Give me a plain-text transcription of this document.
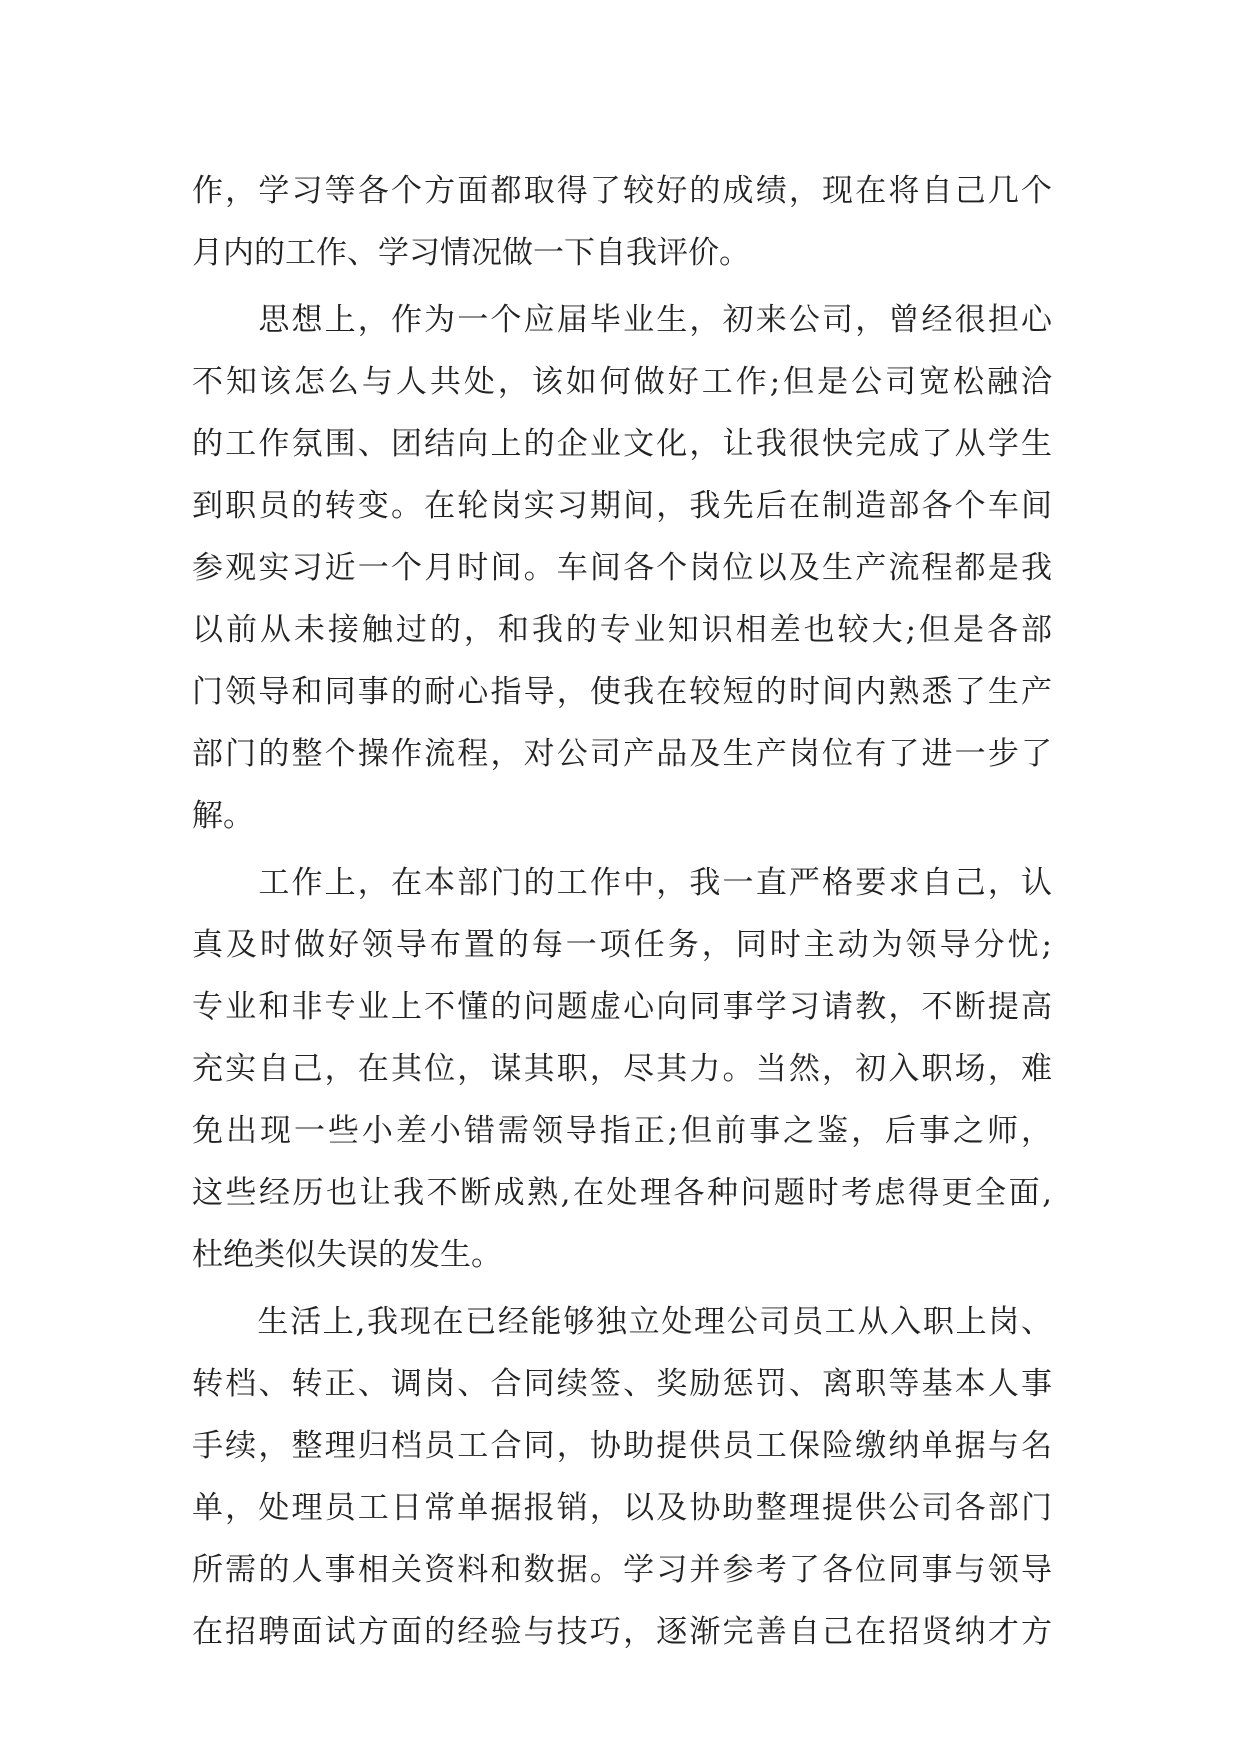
作，学习等各个方面都取得了较好的成绩，现在将自己几个
月内的工作、学习情况做一下自我评价。
　　思想上，作为一个应届毕业生，初来公司，曾经很担心
不知该怎么与人共处，该如何做好工作;但是公司宽松融洽
的工作氛围、团结向上的企业文化，让我很快完成了从学生
到职员的转变。在轮岗实习期间，我先后在制造部各个车间
参观实习近一个月时间。车间各个岗位以及生产流程都是我
以前从未接触过的，和我的专业知识相差也较大;但是各部
门领导和同事的耐心指导，使我在较短的时间内熟悉了生产
部门的整个操作流程，对公司产品及生产岗位有了进一步了
解。
　　工作上，在本部门的工作中，我一直严格要求自己，认
真及时做好领导布置的每一项任务，同时主动为领导分忧;
专业和非专业上不懂的问题虚心向同事学习请教，不断提高
充实自己，在其位，谋其职，尽其力。当然，初入职场，难
免出现一些小差小错需领导指正;但前事之鉴，后事之师，
这些经历也让我不断成熟,在处理各种问题时考虑得更全面,
杜绝类似失误的发生。
　　生活上,我现在已经能够独立处理公司员工从入职上岗、
转档、转正、调岗、合同续签、奖励惩罚、离职等基本人事
手续，整理归档员工合同，协助提供员工保险缴纳单据与名
单，处理员工日常单据报销，以及协助整理提供公司各部门
所需的人事相关资料和数据。学习并参考了各位同事与领导
在招聘面试方面的经验与技巧，逐渐完善自己在招贤纳才方
